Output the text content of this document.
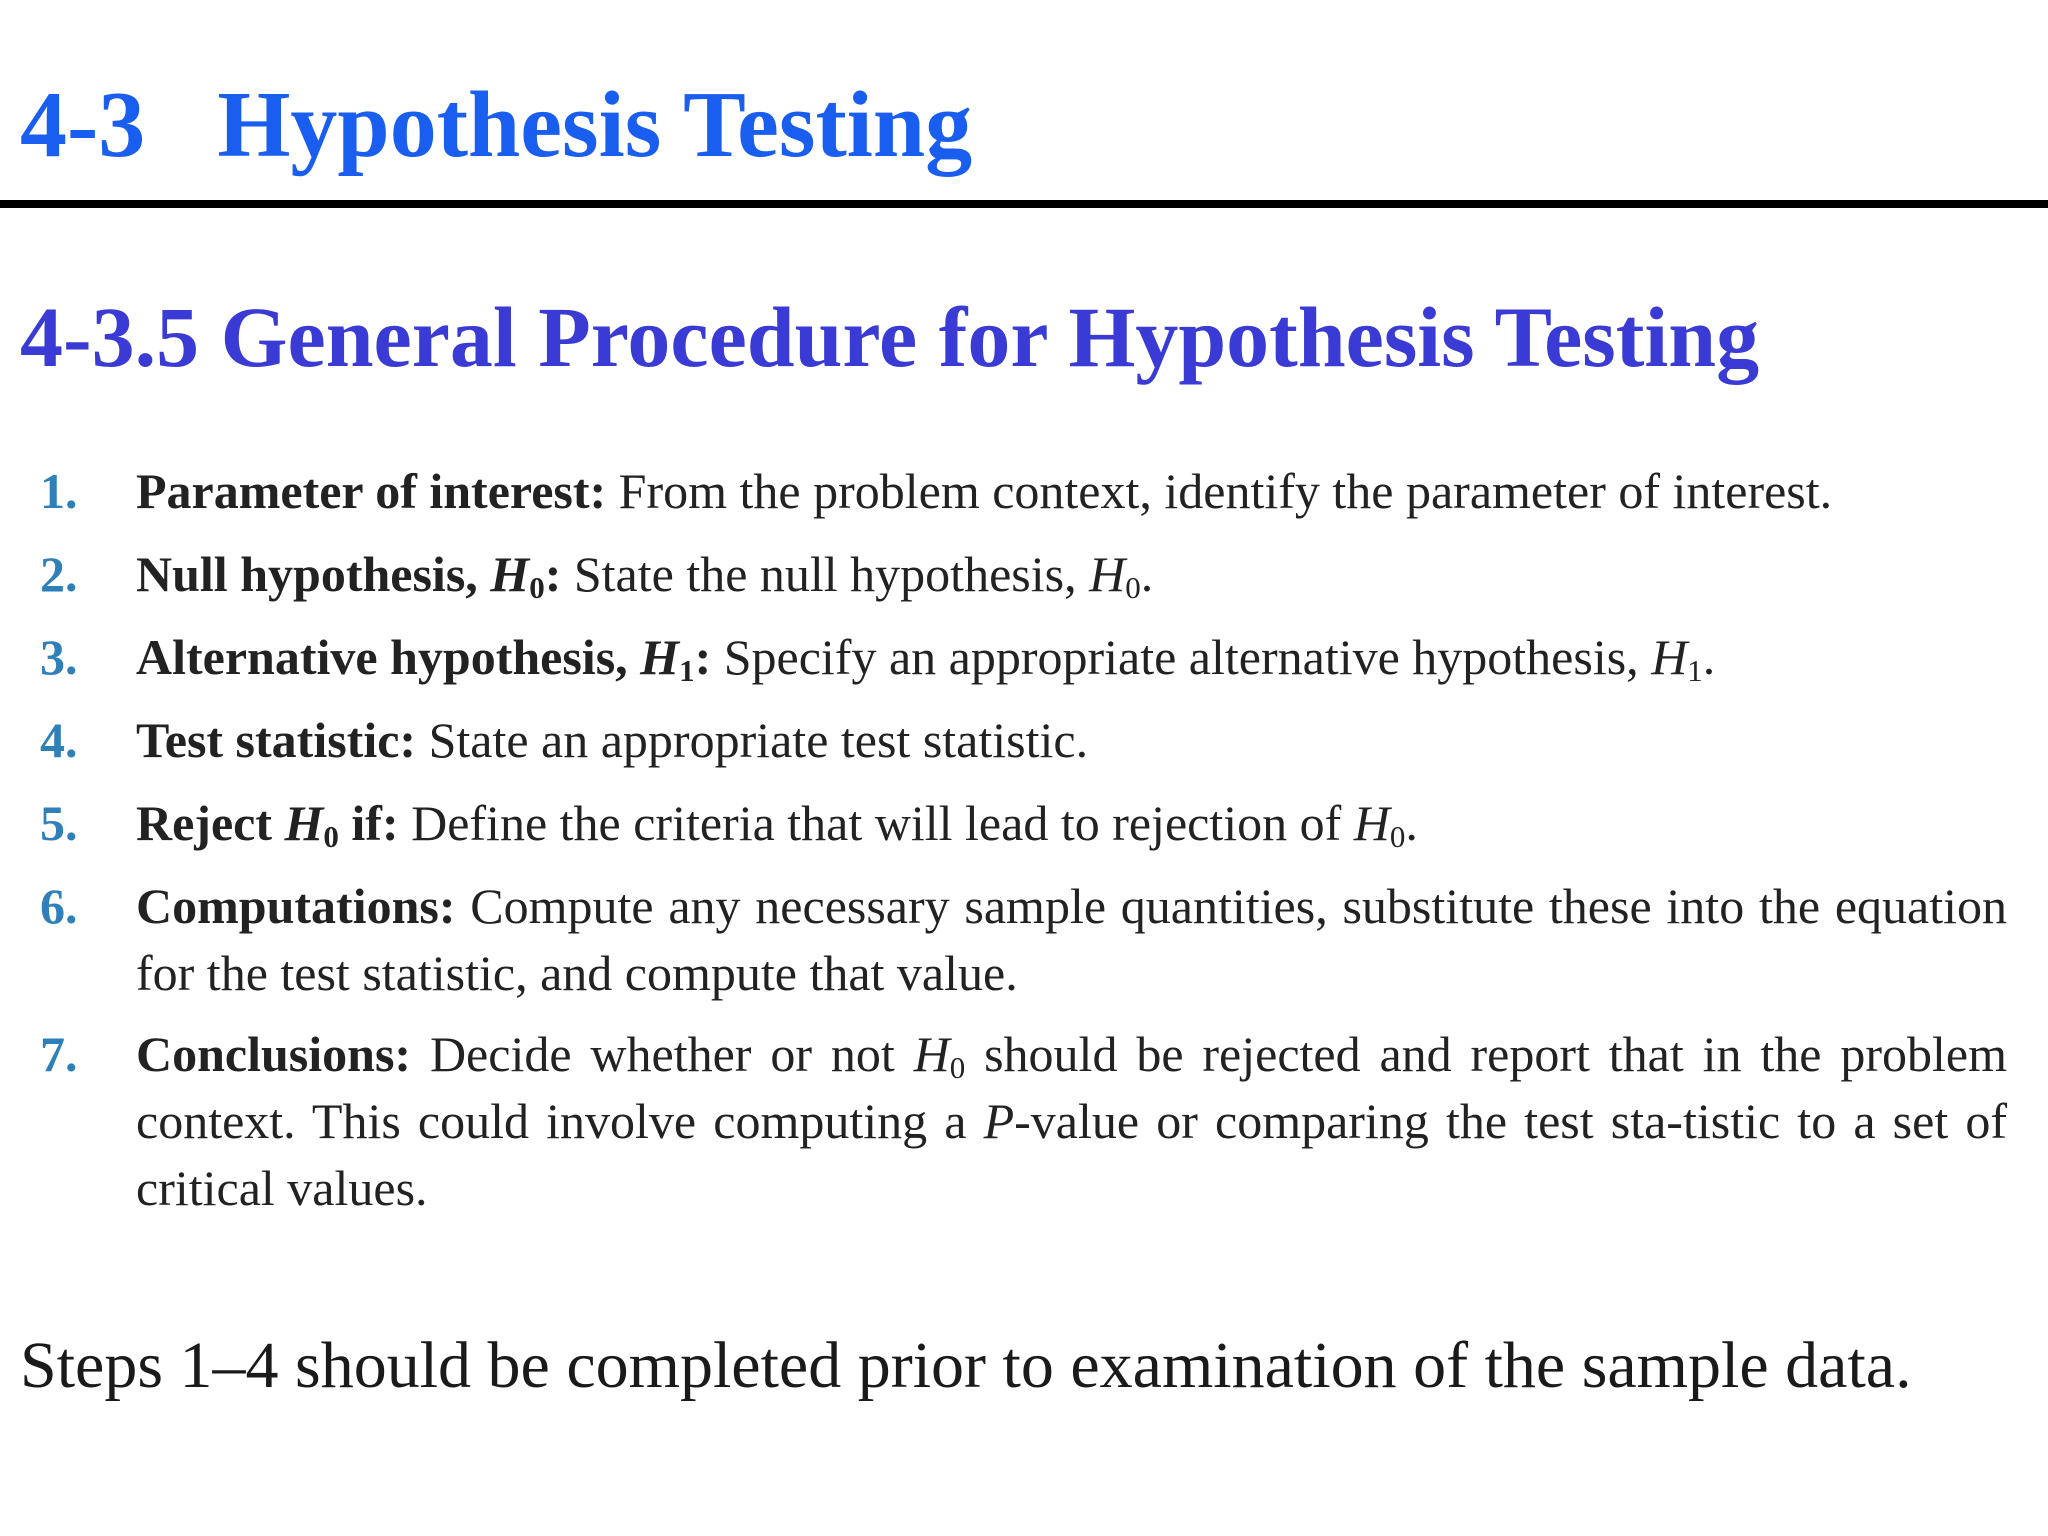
4-3 Hypothesis Testing
4-3.5 General Procedure for Hypothesis Testing
1. Parameter of interest: From the problem context, identify the parameter of interest.
2. Null hypothesis, $H_0$: State the null hypothesis, $H_0$.
3. Alternative hypothesis, $H_1$: Specify an appropriate alternative hypothesis, $H_1$.
4. Test statistic: State an appropriate test statistic.
5. Reject $H_0$ if: Define the criteria that will lead to rejection of $H_0$.
6. Computations: Compute any necessary sample quantities, substitute these into the equation for the test statistic, and compute that value.
7. Conclusions: Decide whether or not $H_0$ should be rejected and report that in the problem context. This could involve computing a P-value or comparing the test sta-tistic to a set of critical values.

Steps 1–4 should be completed prior to examination of the sample data.
